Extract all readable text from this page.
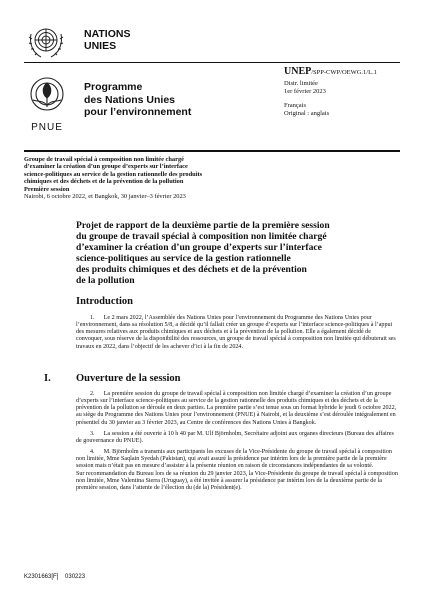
NATIONS
UNIES
PNUE
Programme
des Nations Unies
pour l’environnement
UNEP/SPP-CWP/OEWG.1/L.1
Distr. limitée
1er février 2023
Français
Original : anglais
Groupe de travail spécial à composition non limitée chargé
d’examiner la création d’un groupe d’experts sur l’interface
science-politiques au service de la gestion rationnelle des produits
chimiques et des déchets et de la prévention de la pollution
Première session
Nairobi, 6 octobre 2022, et Bangkok, 30 janvier–3 février 2023
Projet de rapport de la deuxième partie de la première session
du groupe de travail spécial à composition non limitée chargé
d’examiner la création d’un groupe d’experts sur l’interface
science-politiques au service de la gestion rationnelle
des produits chimiques et des déchets et de la prévention
de la pollution
Introduction

1.      Le 2 mars 2022, l’Assemblée des Nations Unies pour l’environnement du Programme des Nations Unies pour l’environnement, dans sa résolution 5/8, a décidé qu’il fallait créer un groupe d’experts sur l’interface science-politiques à l’appui des mesures relatives aux produits chimiques et aux déchets et à la prévention de la pollution. Elle a également décidé de convoquer, sous réserve de la disponibilité des ressources, un groupe de travail spécial à composition non limitée qui débuterait ses travaux en 2022, dans l’objectif de les achever d’ici à la fin de 2024.

I. Ouverture de la session

2.      La première session du groupe de travail spécial à composition non limitée chargé d’examiner la création d’un groupe d’experts sur l’interface science-politiques au service de la gestion rationnelle des produits chimiques et des déchets et de la prévention de la pollution se déroule en deux parties. La première partie s’est tenue sous un format hybride le jeudi 6 octobre 2022, au siège du Programme des Nations Unies pour l’environnement (PNUE) à Nairobi, et la deuxième s’est déroulée intégralement en présentiel du 30 janvier au 3 février 2023, au Centre de conférences des Nations Unies à Bangkok.

3.      La session a été ouverte à 10 h 40 par M. Ulf Björnholm, Secrétaire adjoint aux organes directeurs (Bureau des affaires de gouvernance du PNUE).

4.      M. Björnholm a transmis aux participants les excuses de la Vice-Présidente du groupe de travail spécial à composition non limitée, Mme Saqlain Syedah (Pakistan), qui avait assuré la présidence par intérim lors de la première partie de la première session mais n’était pas en mesure d’assister à la présente réunion en raison de circonstances indépendantes de sa volonté.

Sur recommandation du Bureau lors de sa réunion du 29 janvier 2023, la Vice-Présidente du groupe de travail spécial à composition non limitée, Mme Valentina Sierra (Uruguay), a été invitée à assurer la présidence par intérim lors de la deuxième partie de la première session, dans l’attente de l’élection du (de la) Président(e).

K2301663[F]    030223
